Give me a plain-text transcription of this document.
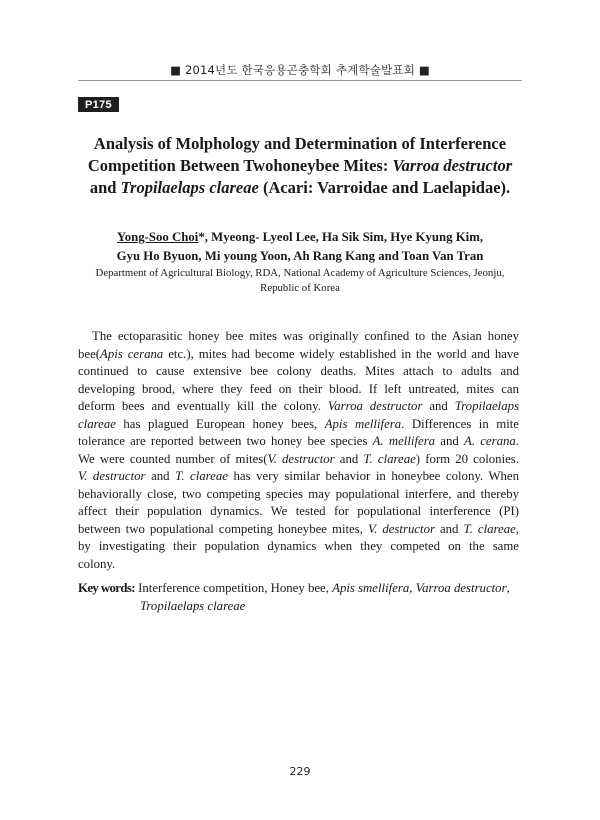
■ 2014년도 한국응용곤충학회 추계학술발표회 ■
P175
Analysis of Molphology and Determination of Interference
Competition Between Twohoneybee Mites: Varroa destructor
and Tropilaelaps clareae (Acari: Varroidae and Laelapidae).
Yong-Soo Choi*, Myeong- Lyeol Lee, Ha Sik Sim, Hye Kyung Kim,
Gyu Ho Byuon, Mi young Yoon, Ah Rang Kang and Toan Van Tran
Department of Agricultural Biology, RDA, National Academy of Agriculture Sciences, Jeonju,
Republic of Korea
The ectoparasitic honey bee mites was originally confined to the Asian honey
bee(Apis cerana etc.), mites had become widely established in the world and have
continued to cause extensive bee colony deaths. Mites attach to adults and
developing brood, where they feed on their blood. If left untreated, mites can
deform bees and eventually kill the colony. Varroa destructor and Tropilaelaps
clareae has plagued European honey bees, Apis mellifera. Differences in mite
tolerance are reported between two honey bee species A. mellifera and A. cerana.
We were counted number of mites(V. destructor and T. clareae) form 20 colonies.
V. destructor and T. clareae has very similar behavior in honeybee colony. When
behaviorally close, two competing species may populational interfere, and thereby
affect their population dynamics. We tested for populational interference (PI)
between two populational competing honeybee mites, V. destructor and T. clareae,
by investigating their population dynamics when they competed on the same
colony.
Key words: Interference competition, Honey bee, Apis smellifera, Varroa destructor,
Tropilaelaps clareae
229
